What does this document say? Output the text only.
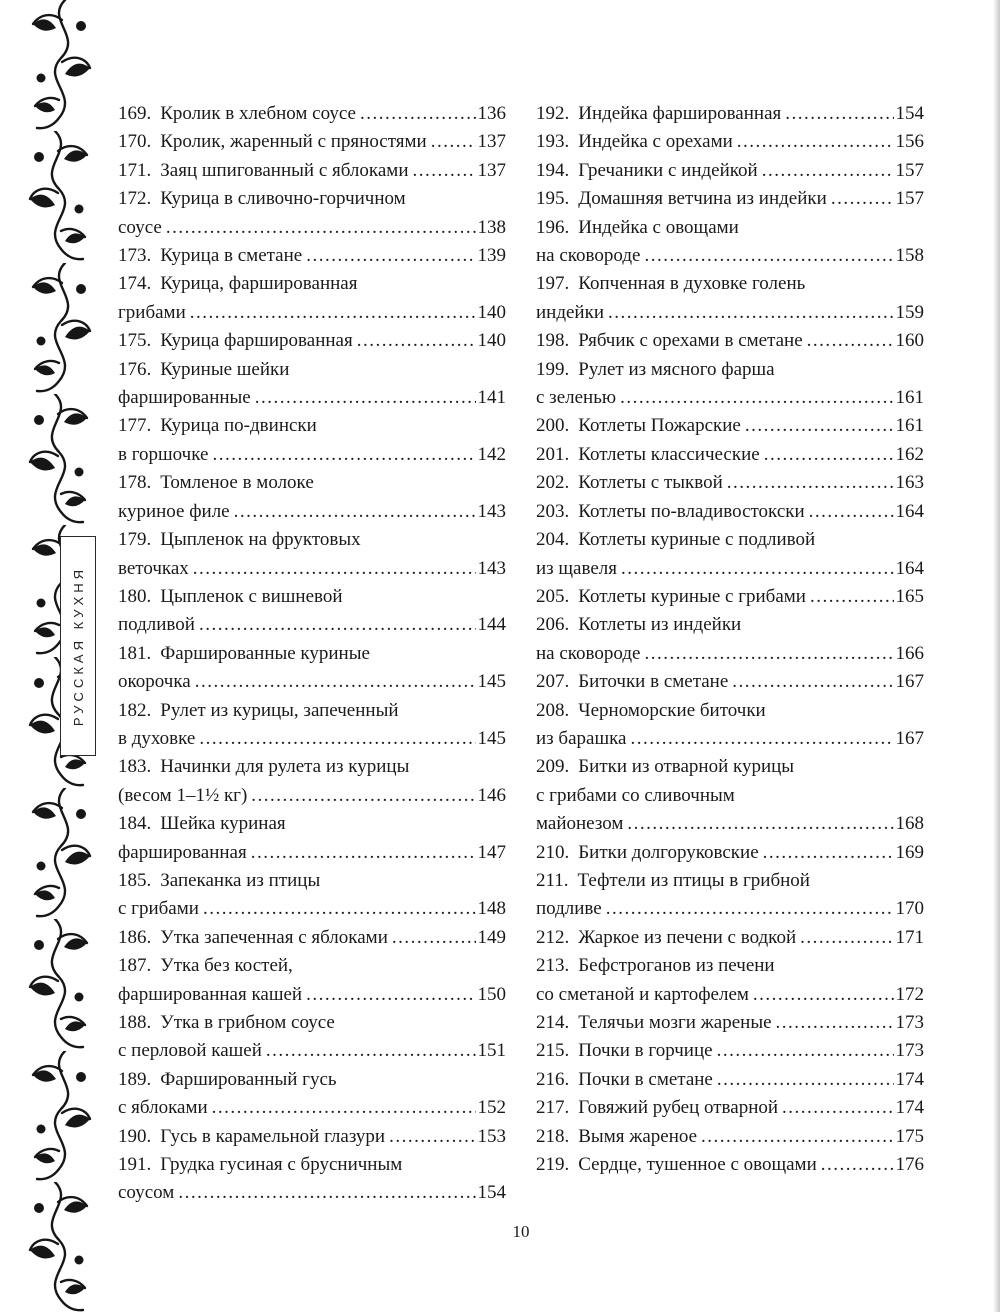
РУССКАЯ КУХНЯ
169. Кролик в хлебном соусе .....	136
170. Кролик, жаренный с пряностями .....	137
171. Заяц шпигованный с яблоками .....	137
172. Курица в сливочно-горчичном
соусе .....	138
173. Курица в сметане .....	139
174. Курица, фаршированная
грибами .....	140
175. Курица фаршированная .....	140
176. Куриные шейки
фаршированные .....	141
177. Курица по-двински
в горшочке .....	142
178. Томленое в молоке
куриное филе .....	143
179. Цыпленок на фруктовых
веточках .....	143
180. Цыпленок с вишневой
подливой .....	144
181. Фаршированные куриные
окорочка .....	145
182. Рулет из курицы, запеченный
в духовке .....	145
183. Начинки для рулета из курицы
(весом 1–1½ кг) .....	146
184. Шейка куриная
фаршированная .....	147
185. Запеканка из птицы
с грибами .....	148
186. Утка запеченная с яблоками .....	149
187. Утка без костей,
фаршированная кашей .....	150
188. Утка в грибном соусе
с перловой кашей .....	151
189. Фаршированный гусь
с яблоками .....	152
190. Гусь в карамельной глазури .....	153
191. Грудка гусиная с брусничным
соусом .....	154
192. Индейка фаршированная .....	154
193. Индейка с орехами .....	156
194. Гречаники с индейкой .....	157
195. Домашняя ветчина из индейки .....	157
196. Индейка с овощами
на сковороде .....	158
197. Копченная в духовке голень
индейки .....	159
198. Рябчик с орехами в сметане .....	160
199. Рулет из мясного фарша
с зеленью .....	161
200. Котлеты Пожарские .....	161
201. Котлеты классические .....	162
202. Котлеты с тыквой .....	163
203. Котлеты по-владивостокски .....	164
204. Котлеты куриные с подливой
из щавеля .....	164
205. Котлеты куриные с грибами .....	165
206. Котлеты из индейки
на сковороде .....	166
207. Биточки в сметане .....	167
208. Черноморские биточки
из барашка .....	167
209. Битки из отварной курицы
с грибами со сливочным
майонезом .....	168
210. Битки долгоруковские .....	169
211. Тефтели из птицы в грибной
подливе .....	170
212. Жаркое из печени с водкой .....	171
213. Бефстроганов из печени
со сметаной и картофелем .....	172
214. Телячьи мозги жареные .....	173
215. Почки в горчице .....	173
216. Почки в сметане .....	174
217. Говяжий рубец отварной .....	174
218. Вымя жареное .....	175
219. Сердце, тушенное с овощами .....	176
10
